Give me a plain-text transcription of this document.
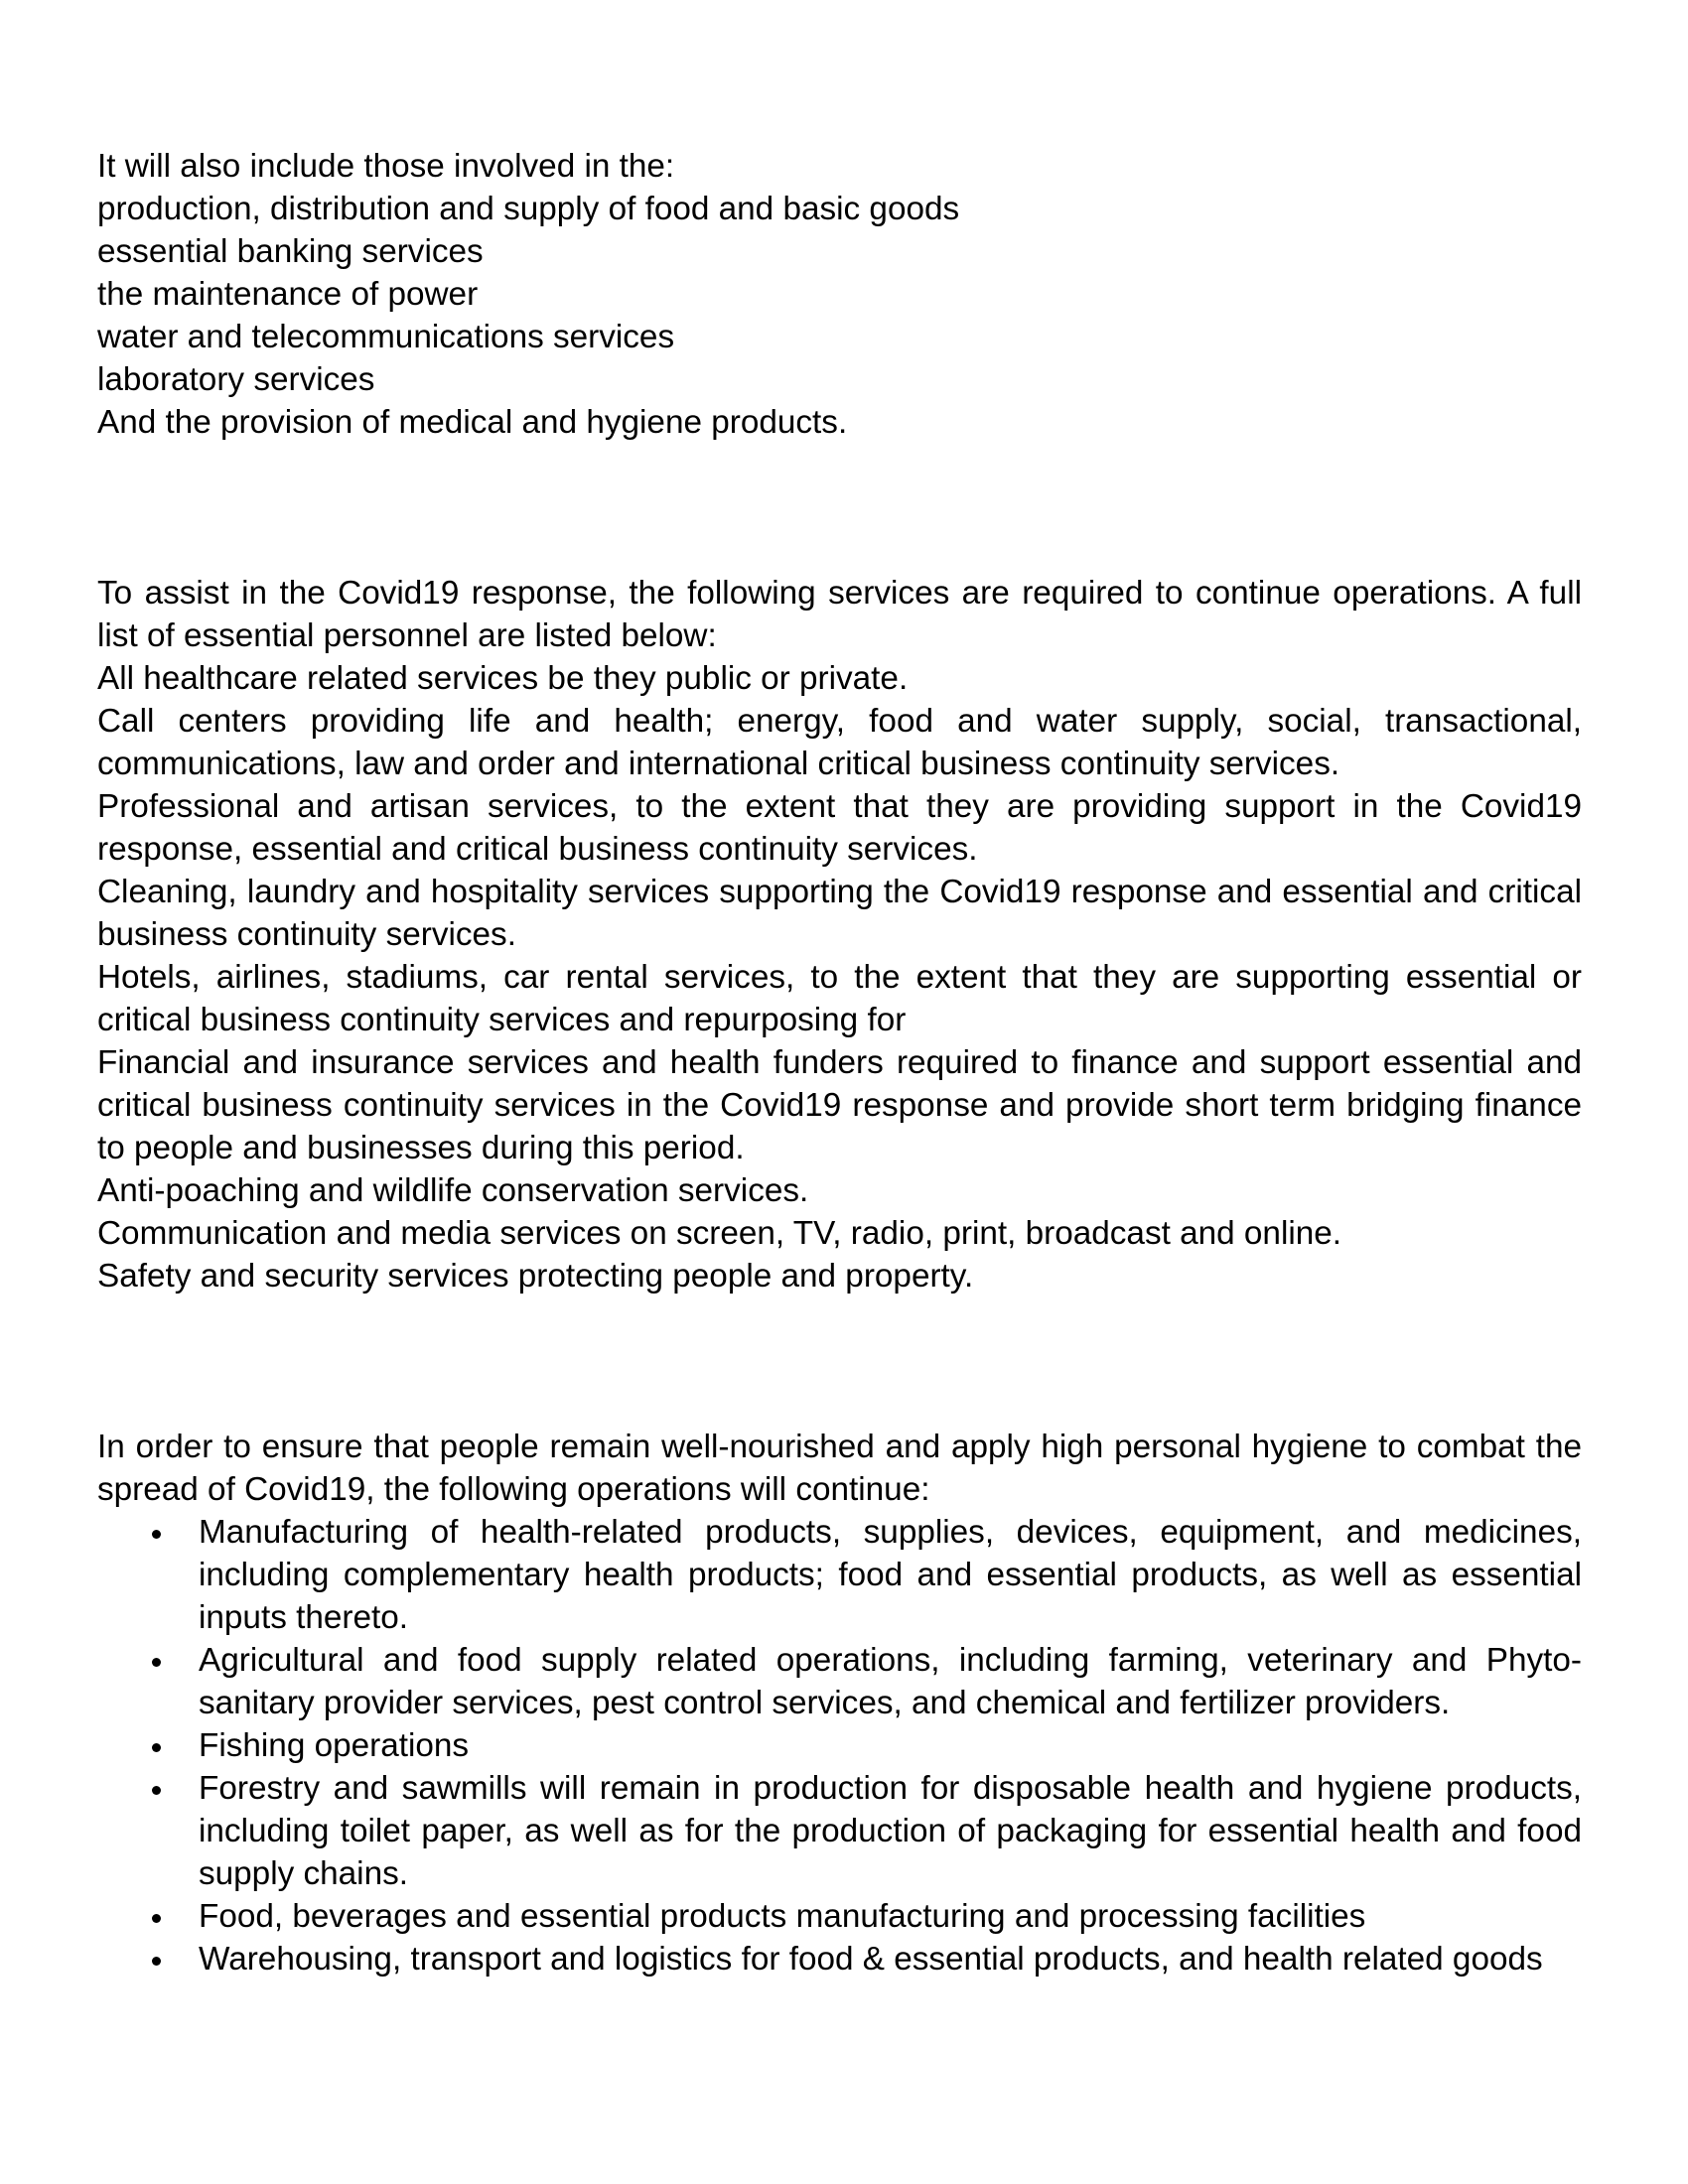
It will also include those involved in the:
production, distribution and supply of food and basic goods
essential banking services
the maintenance of power
water and telecommunications services
laboratory services
And the provision of medical and hygiene products.

To assist in the Covid19 response, the following services are required to continue operations. A full list of essential personnel are listed below:

All healthcare related services be they public or private.

Call centers providing life and health; energy, food and water supply, social, transactional, communications, law and order and international critical business continuity services.

Professional and artisan services, to the extent that they are providing support in the Covid19 response, essential and critical business continuity services.

Cleaning, laundry and hospitality services supporting the Covid19 response and essential and critical business continuity services.

Hotels, airlines, stadiums, car rental services, to the extent that they are supporting essential or critical business continuity services and repurposing for

Financial and insurance services and health funders required to finance and support essential and critical business continuity services in the Covid19 response and provide short term bridging finance to people and businesses during this period.

Anti-poaching and wildlife conservation services.

Communication and media services on screen, TV, radio, print, broadcast and online.

Safety and security services protecting people and property.

In order to ensure that people remain well-nourished and apply high personal hygiene to combat the spread of Covid19, the following operations will continue:

Manufacturing of health-related products, supplies, devices, equipment, and medicines, including complementary health products; food and essential products, as well as essential inputs thereto.
Agricultural and food supply related operations, including farming, veterinary and Phyto-sanitary provider services, pest control services, and chemical and fertilizer providers.
Fishing operations
Forestry and sawmills will remain in production for disposable health and hygiene products, including toilet paper, as well as for the production of packaging for essential health and food supply chains.
Food, beverages and essential products manufacturing and processing facilities
Warehousing, transport and logistics for food & essential products, and health related goods
